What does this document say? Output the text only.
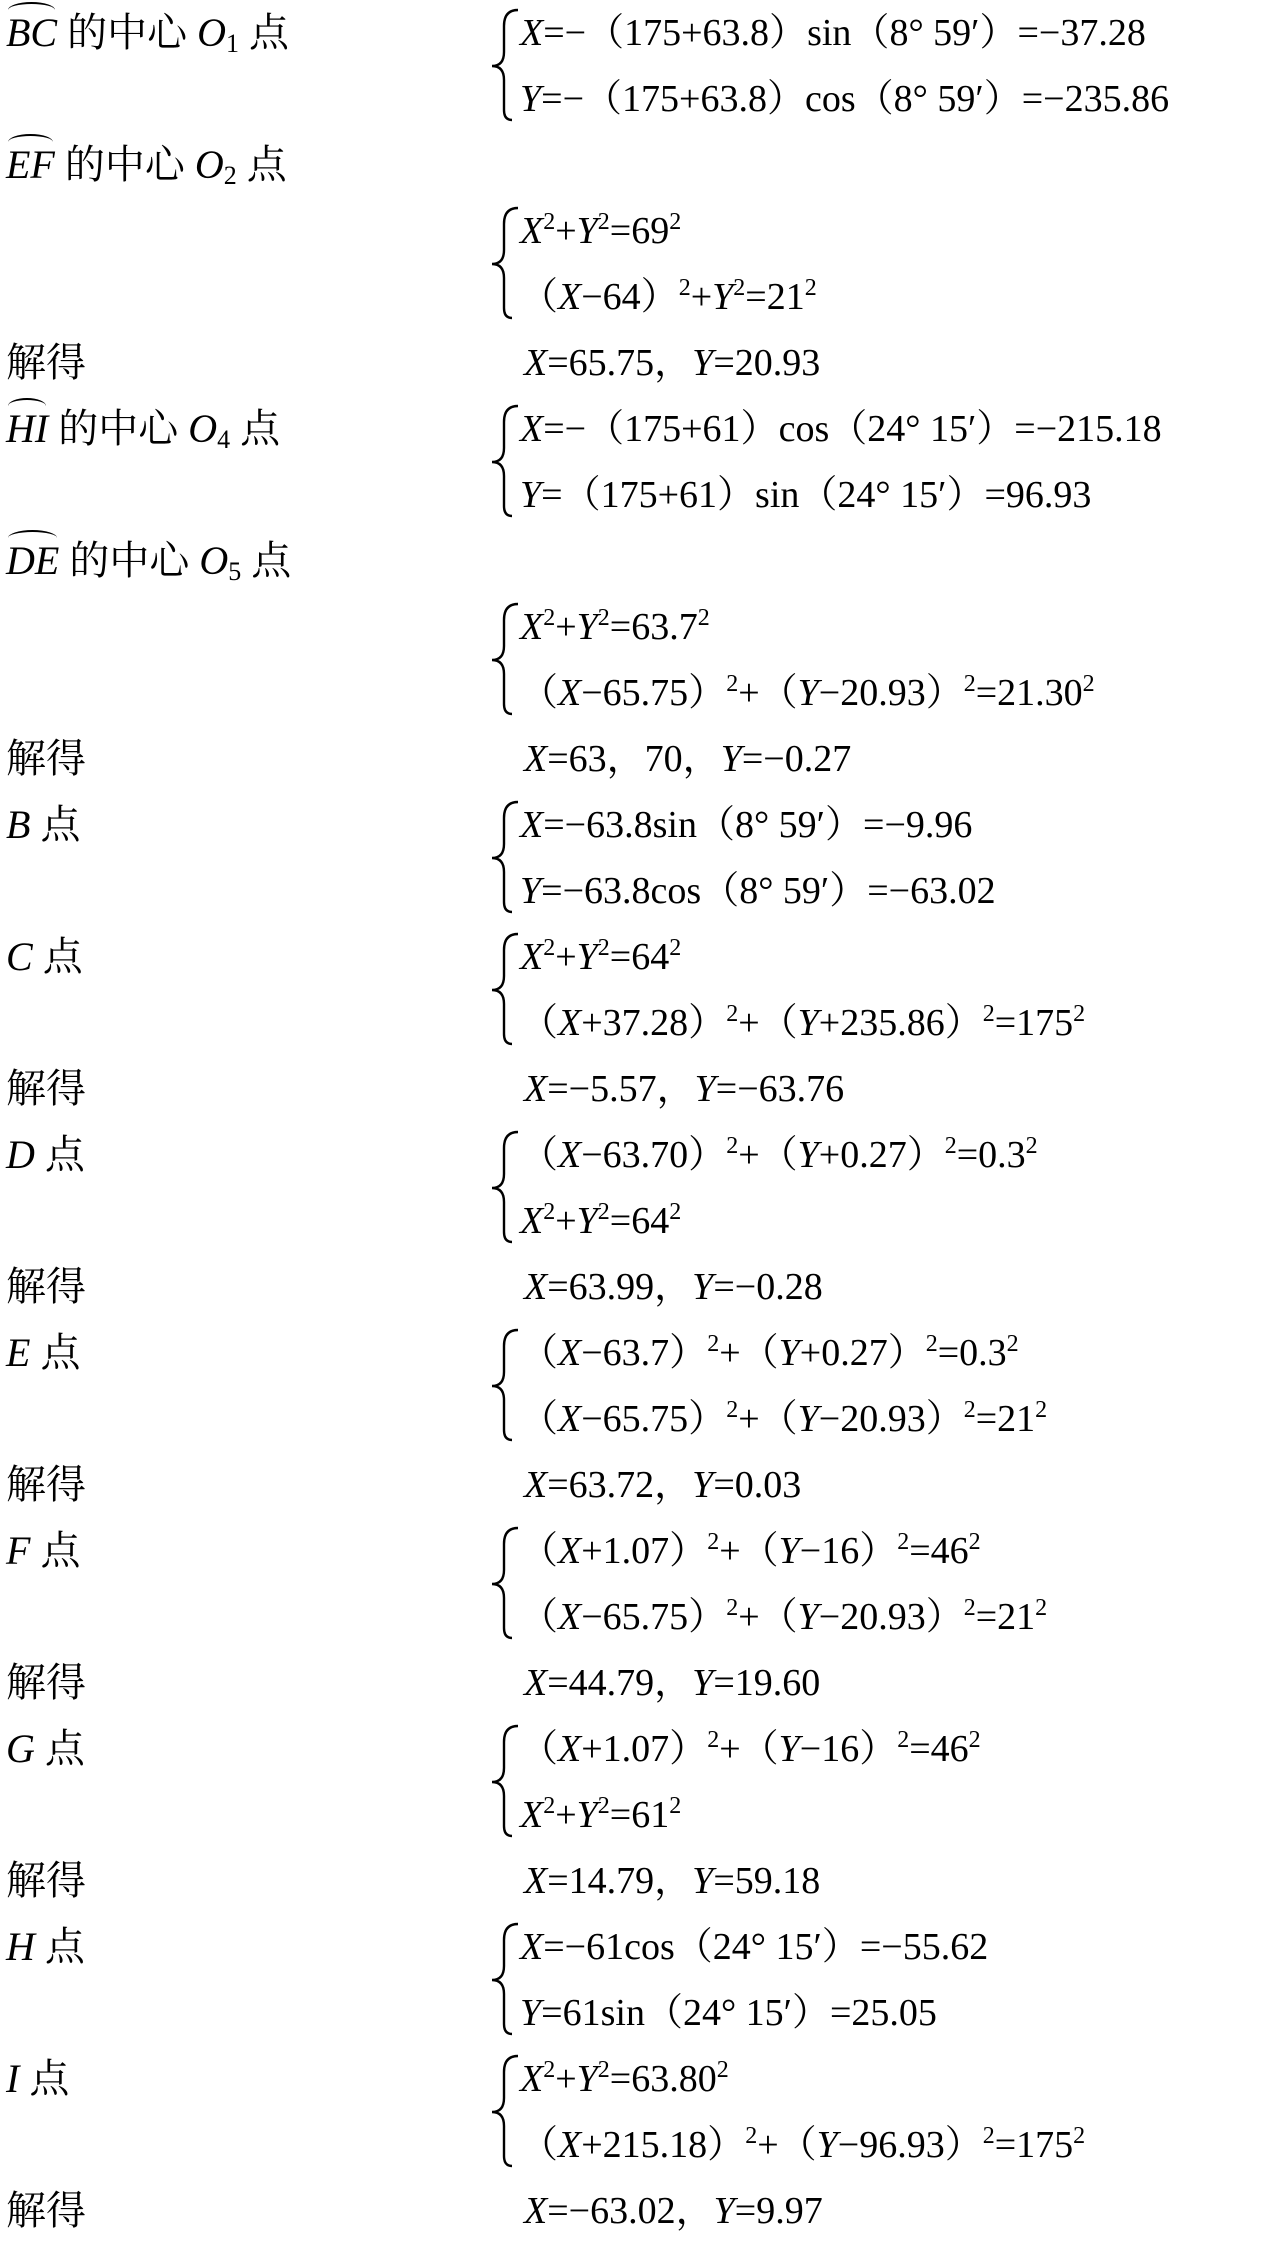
BC 的中心 $O_1$ 点	X=−（175+63.8）sin（8° 59′）=−37.28
Y=−（175+63.8）cos（8° 59′）=−235.86
EF 的中心 $O_2$ 点
$X^2+Y^2=69^2$
$(X-64)^2+Y^2=21^2$
解得	X=65.75，Y=20.93
HI 的中心 $O_4$ 点	X=−（175+61）cos（24° 15′）=−215.18
Y=（175+61）sin（24° 15′）=96.93
DE 的中心 $O_5$ 点
$X^2+Y^2=63.7^2$
$(X-65.75)^2+(Y-20.93)^2=21.30^2$
解得	X=63，70，Y=−0.27
B 点	X=−63.8sin（8° 59′）=−9.96
Y=−63.8cos（8° 59′）=−63.02
C 点	$X^2+Y^2=64^2$
$(X+37.28)^2+(Y+235.86)^2=175^2$
解得	X=−5.57，Y=−63.76
D 点	$(X-63.70)^2+(Y+0.27)^2=0.3^2$
$X^2+Y^2=64^2$
解得	X=63.99，Y=−0.28
E 点	$(X-63.7)^2+(Y+0.27)^2=0.3^2$
$(X-65.75)^2+(Y-20.93)^2=21^2$
解得	X=63.72，Y=0.03
F 点	$(X+1.07)^2+(Y-16)^2=46^2$
$(X-65.75)^2+(Y-20.93)^2=21^2$
解得	X=44.79，Y=19.60
G 点	$(X+1.07)^2+(Y-16)^2=46^2$
$X^2+Y^2=61^2$
解得	X=14.79，Y=59.18
H 点	X=−61cos（24° 15′）=−55.62
Y=61sin（24° 15′）=25.05
I 点	$X^2+Y^2=63.80^2$
$(X+215.18)^2+(Y-96.93)^2=175^2$
解得	X=−63.02，Y=9.97
